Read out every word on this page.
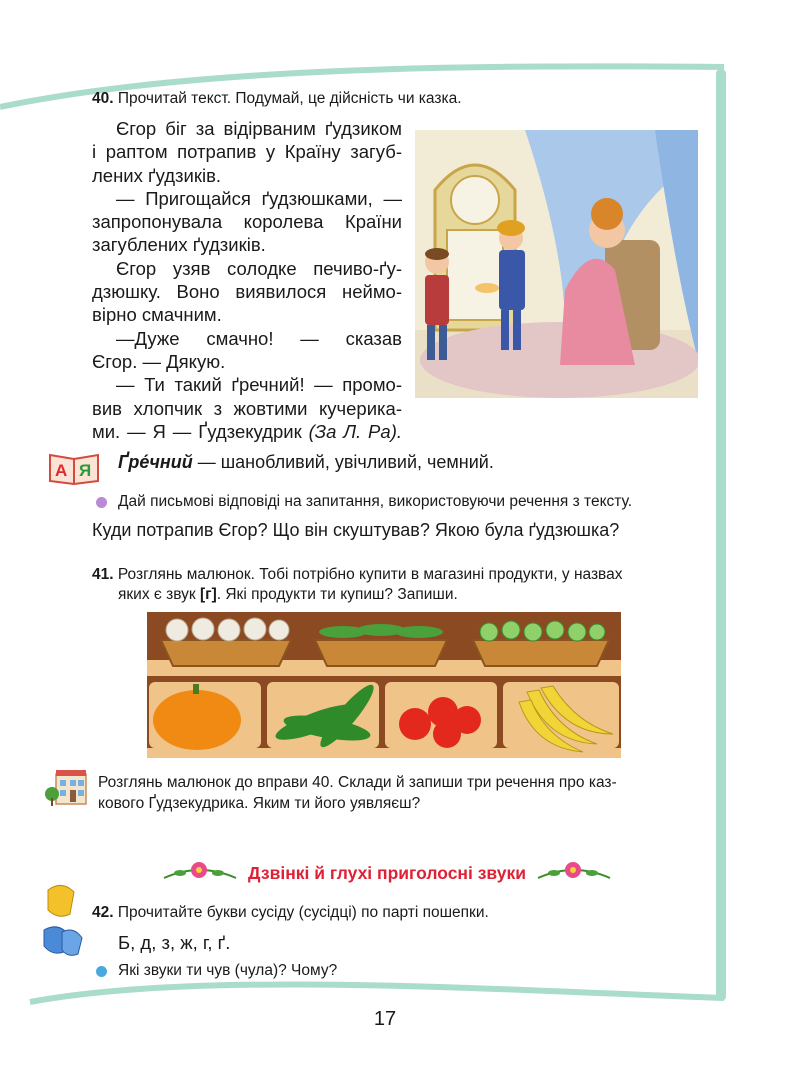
40. Прочитай текст. Подумай, це дійсність чи казка.

Єгор біг за відірваним ґудзиком

і раптом потрапив у Країну загуб-

лених ґудзиків.

— Пригощайся ґудзюшками, —

запропонувала королева Країни

загублених ґудзиків.

Єгор узяв солодке печиво-ґу-

дзюшку. Воно виявилося неймо-

вірно смачним.

—Дуже смачно! — сказав

Єгор. — Дякую.

— Ти такий ґречний! — промо-

вив хлопчик з жовтими кучерика-

ми. — Я — Ґудзекудрик (За Л. Ра).

А Я Ґре́чний — шанобливий, увічливий, чемний.
Дай письмові відповіді на запитання, використовуючи речення з тексту.
Куди потрапив Єгор? Що він скуштував? Якою була ґудзюшка?
41. Розглянь малюнок. Тобі потрібно купити в магазині продукти, у назвах
яких є звук [г]. Які продукти ти купиш? Запиши.
Розглянь малюнок до вправи 40. Склади й запиши три речення про каз-
кового Ґудзекудрика. Яким ти його уявляєш?
Дзвінкі й глухі приголосні звуки
42. Прочитайте букви сусіду (сусідці) по парті пошепки.
Б, д, з, ж, г, ґ.
Які звуки ти чув (чула)? Чому?
17
